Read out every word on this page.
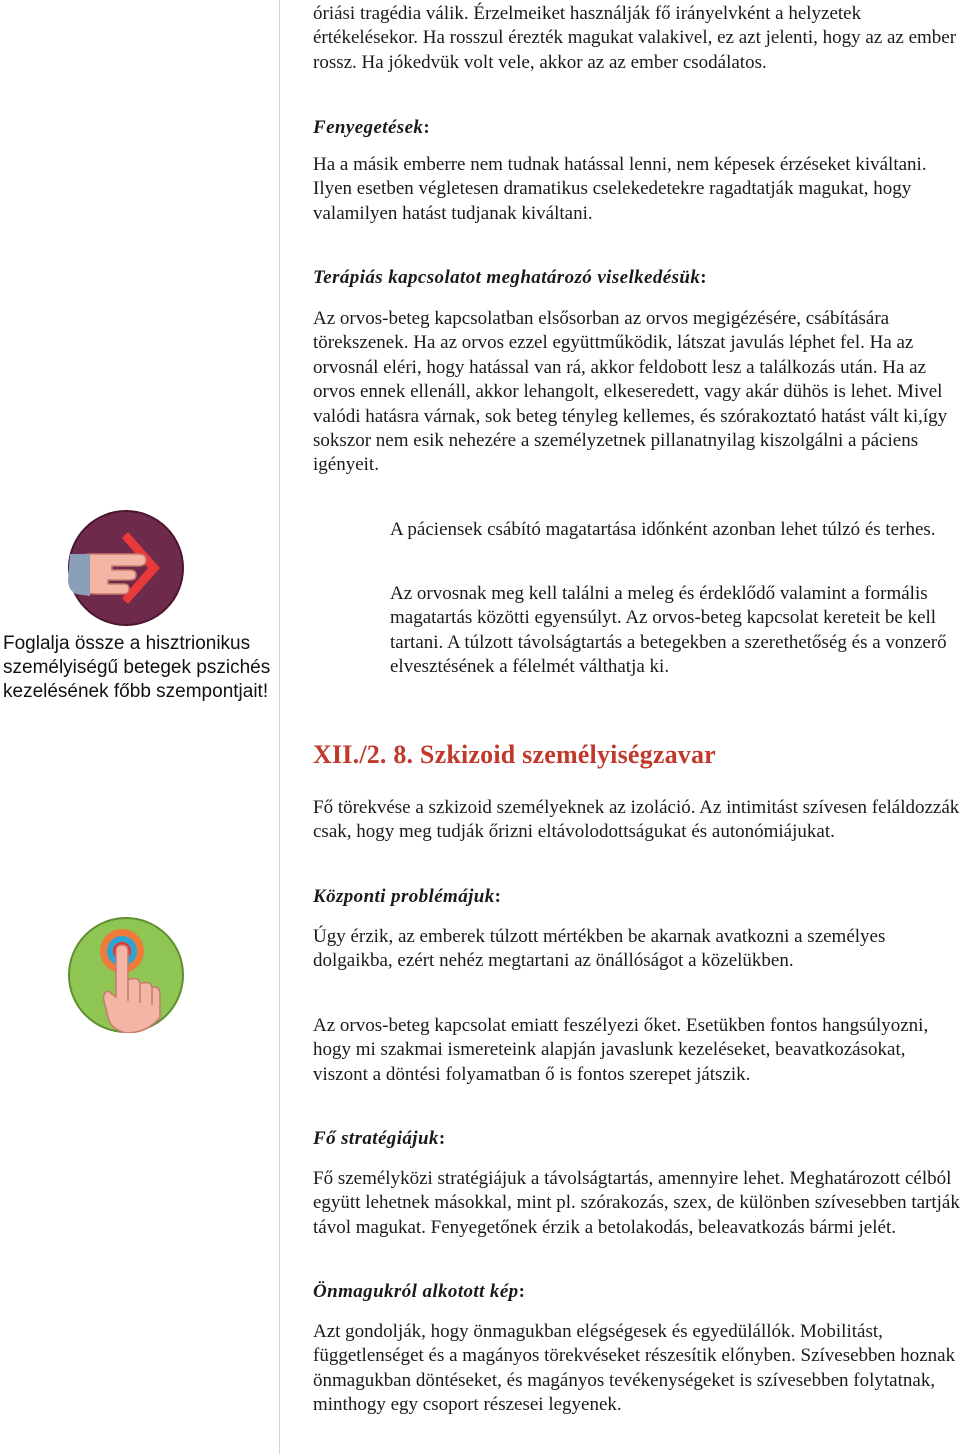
Foglalja össze a hisztrionikus személyiségű betegek pszichés kezelésének főbb szempontjait!

óriási tragédia válik. Érzelmeiket használják fő irányelvként a helyzetek értékelésekor. Ha rosszul érezték magukat valakivel, ez azt jelenti, hogy az az ember rossz. Ha jókedvük volt vele, akkor az az ember csodálatos.

Fenyegetések:

Ha a másik emberre nem tudnak hatással lenni, nem képesek érzéseket kiváltani. Ilyen esetben végletesen dramatikus cselekedetekre ragadtatják magukat, hogy valamilyen hatást tudjanak kiváltani.

Terápiás kapcsolatot meghatározó viselkedésük:

Az orvos-beteg kapcsolatban elsősorban az orvos megigézésére, csábítására törekszenek. Ha az orvos ezzel együttműködik, látszat javulás léphet fel. Ha az orvosnál eléri, hogy hatással van rá, akkor feldobott lesz a találkozás után. Ha az orvos ennek ellenáll, akkor lehangolt, elkeseredett, vagy akár dühös is lehet. Mivel valódi hatásra várnak, sok beteg tényleg kellemes, és szórakoztató hatást vált ki,így sokszor nem esik nehezére a személyzetnek pillanatnyilag kiszolgálni a páciens igényeit.

A páciensek csábító magatartása időnként azonban lehet túlzó és terhes.

Az orvosnak meg kell találni a meleg és érdeklődő valamint a formális magatartás közötti egyensúlyt. Az orvos-beteg kapcsolat kereteit be kell tartani. A túlzott távolságtartás a betegekben a szerethetőség és a vonzerő elvesztésének a félelmét válthatja ki.

XII./2. 8. Szkizoid személyiségzavar

Fő törekvése a szkizoid személyeknek az izoláció. Az intimitást szívesen feláldozzák csak, hogy meg tudják őrizni eltávolodottságukat és autonómiájukat.

Központi problémájuk:

Úgy érzik, az emberek túlzott mértékben be akarnak avatkozni a személyes dolgaikba, ezért nehéz megtartani az önállóságot a közelükben.

Az orvos-beteg kapcsolat emiatt feszélyezi őket. Esetükben fontos hangsúlyozni, hogy mi szakmai ismereteink alapján javaslunk kezeléseket, beavatkozásokat, viszont a döntési folyamatban ő is fontos szerepet játszik.

Fő stratégiájuk:

Fő személyközi stratégiájuk a távolságtartás, amennyire lehet. Meghatározott célból együtt lehetnek másokkal, mint pl. szórakozás, szex, de különben szívesebben tartják távol magukat. Fenyegetőnek érzik a betolakodás, beleavatkozás bármi jelét.

Önmagukról alkotott kép:

Azt gondolják, hogy önmagukban elégségesek és egyedülállók. Mobilitást, függetlenséget és a magányos törekvéseket részesítik előnyben. Szívesebben hoznak önmagukban döntéseket, és magányos tevékenységeket is szívesebben folytatnak, minthogy egy csoport részesei legyenek.
